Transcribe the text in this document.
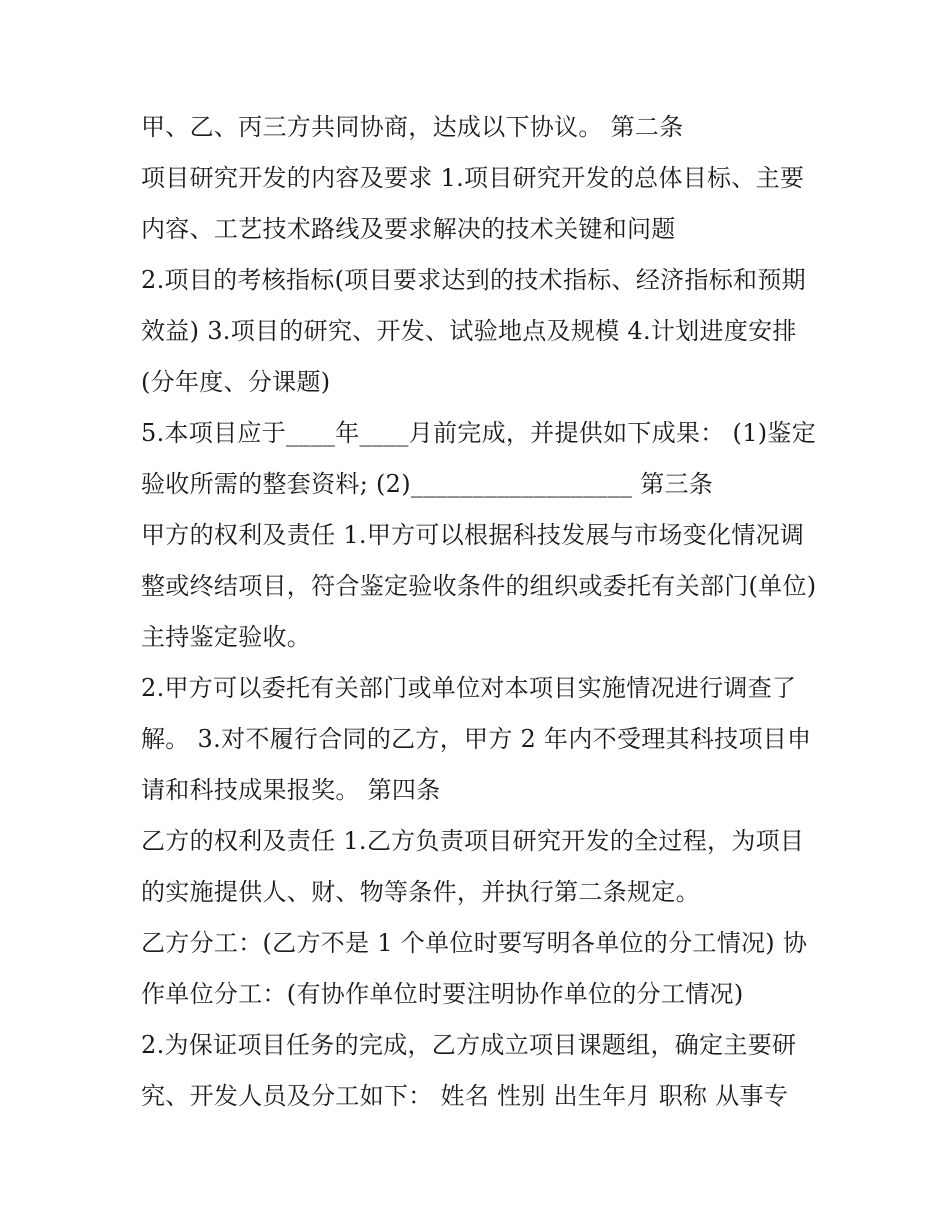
甲、乙、丙三方共同协商，达成以下协议。 第二条

项目研究开发的内容及要求 1.项目研究开发的总体目标、主要内容、工艺技术路线及要求解决的技术关键和问题

2.项目的考核指标(项目要求达到的技术指标、经济指标和预期效益) 3.项目的研究、开发、试验地点及规模 4.计划进度安排(分年度、分课题)

5.本项目应于____年____月前完成，并提供如下成果： (1)鉴定验收所需的整套资料; (2)__________________ 第三条

甲方的权利及责任 1.甲方可以根据科技发展与市场变化情况调整或终结项目，符合鉴定验收条件的组织或委托有关部门(单位)主持鉴定验收。

2.甲方可以委托有关部门或单位对本项目实施情况进行调查了解。 3.对不履行合同的乙方，甲方 2 年内不受理其科技项目申请和科技成果报奖。 第四条

乙方的权利及责任 1.乙方负责项目研究开发的全过程，为项目的实施提供人、财、物等条件，并执行第二条规定。

乙方分工：(乙方不是 1 个单位时要写明各单位的分工情况) 协作单位分工：(有协作单位时要注明协作单位的分工情况)

2.为保证项目任务的完成，乙方成立项目课题组，确定主要研究、开发人员及分工如下： 姓名 性别 出生年月 职称 从事专
